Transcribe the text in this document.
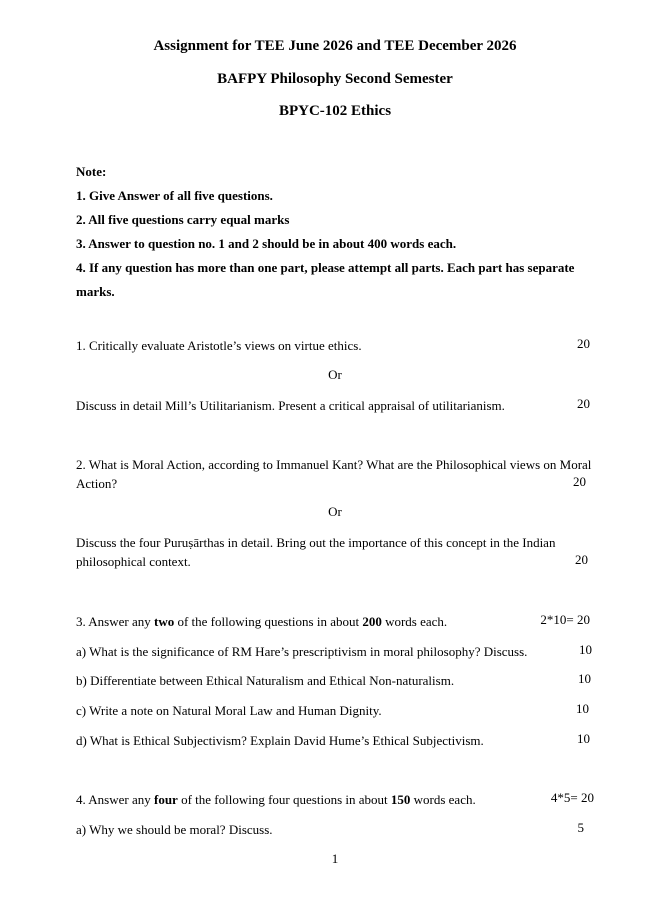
Assignment for TEE June 2026 and TEE December 2026
BAFPY Philosophy Second Semester
BPYC-102 Ethics
Note:
1. Give Answer of all five questions.
2. All five questions carry equal marks
3. Answer to question no. 1 and 2 should be in about 400 words each.
4. If any question has more than one part, please attempt all parts. Each part has separate marks.
1. Critically evaluate Aristotle’s views on virtue ethics.	20
Or
Discuss in detail Mill’s Utilitarianism. Present a critical appraisal of utilitarianism.	20
2. What is Moral Action, according to Immanuel Kant? What are the Philosophical views on Moral Action?	20
Or
Discuss the four Puruṣārthas in detail. Bring out the importance of this concept in the Indian philosophical context.	20
3. Answer any two of the following questions in about 200 words each.	2*10= 20
a) What is the significance of RM Hare’s prescriptivism in moral philosophy? Discuss.	10
b) Differentiate between Ethical Naturalism and Ethical Non-naturalism.	10
c) Write a note on Natural Moral Law and Human Dignity.	10
d) What is Ethical Subjectivism? Explain David Hume’s Ethical Subjectivism.	10
4. Answer any four of the following four questions in about 150 words each.	4*5= 20
a) Why we should be moral? Discuss.	5
1
